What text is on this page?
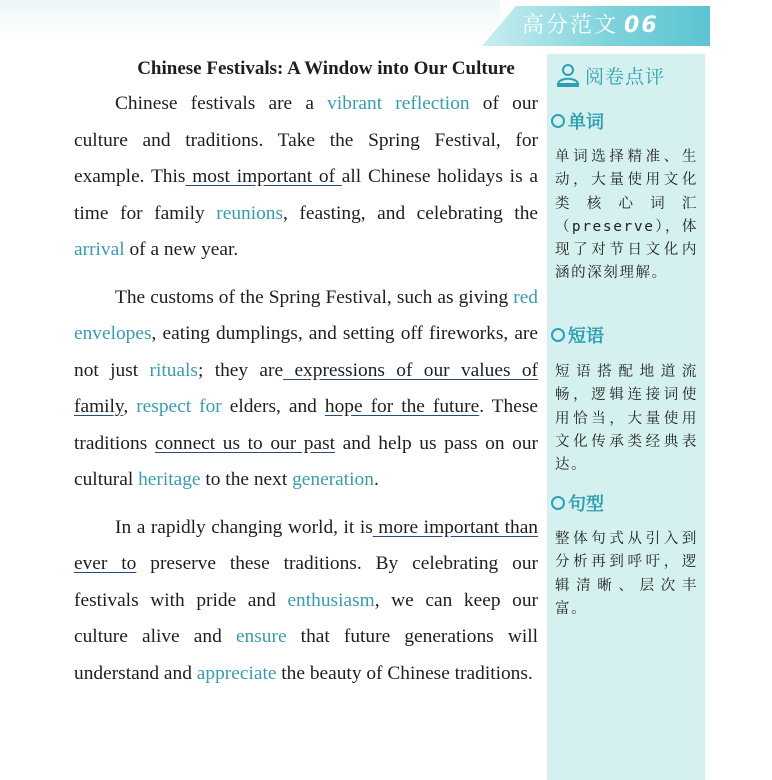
高分范文 06
Chinese Festivals: A Window into Our Culture

Chinese festivals are a vibrant reflection of our culture and traditions. Take the Spring Festival, for example. This most important of all Chinese holidays is a time for family reunions, feasting, and celebrating the arrival of a new year.

The customs of the Spring Festival, such as giving red envelopes, eating dumplings, and setting off fireworks, are not just rituals; they are expressions of our values of family, respect for elders, and hope for the future. These traditions connect us to our past and help us pass on our cultural heritage to the next generation.

In a rapidly changing world, it is more important than ever to preserve these traditions. By celebrating our festivals with pride and enthusiasm, we can keep our culture alive and ensure that future generations will understand and appreciate the beauty of Chinese traditions.

阅卷点评
单词
单词选择精准、生动，大量使用文化类核心词汇（preserve），体现了对节日文化内涵的深刻理解。
短语
短语搭配地道流畅，逻辑连接词使用恰当，大量使用文化传承类经典表达。
句型
整体句式从引入到分析再到呼吁，逻辑清晰、层次丰富。
